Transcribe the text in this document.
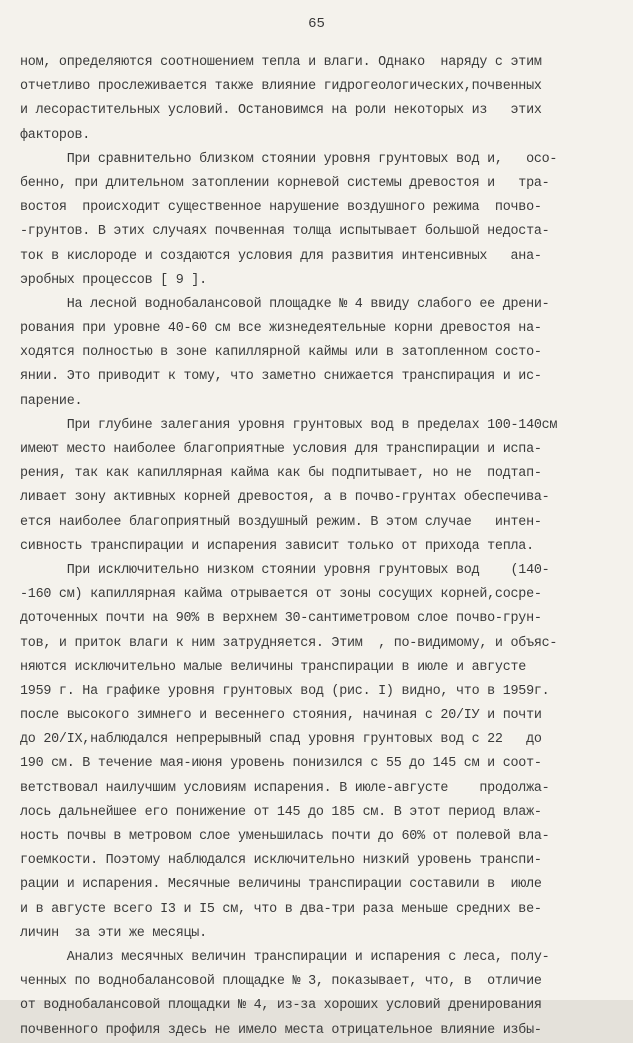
65
ном, определяются соотношением тепла и влаги. Однако  наряду с этим
отчетливо прослеживается также влияние гидрогеологических,почвенных
и лесорастительных условий. Остановимся на роли некоторых из   этих
факторов.
При сравнительно близком стоянии уровня грунтовых вод и,   осо-
бенно, при длительном затоплении корневой системы древостоя и   тра-
востоя  происходит существенное нарушение воздушного режима  почво-
-грунтов. В этих случаях почвенная толща испытывает большой недоста-
ток в кислороде и создаются условия для развития интенсивных   ана-
эробных процессов [ 9 ].
На лесной воднобалансовой площадке № 4 ввиду слабого ее дрени-
рования при уровне 40-60 см все жизнедеятельные корни древостоя на-
ходятся полностью в зоне капиллярной каймы или в затопленном состо-
янии. Это приводит к тому, что заметно снижается транспирация и ис-
парение.
При глубине залегания уровня грунтовых вод в пределах 100-140см
имеют место наиболее благоприятные условия для транспирации и испа-
рения, так как капиллярная кайма как бы подпитывает, но не  подтап-
ливает зону активных корней древостоя, а в почво-грунтах обеспечива-
ется наиболее благоприятный воздушный режим. В этом случае   интен-
сивность транспирации и испарения зависит только от прихода тепла.
При исключительно низком стоянии уровня грунтовых вод    (140-
-160 см) капиллярная кайма отрывается от зоны сосущих корней,сосре-
доточенных почти на 90% в верхнем 30-сантиметровом слое почво-грун-
тов, и приток влаги к ним затрудняется. Этим  , по-видимому, и объяс-
няются исключительно малые величины транспирации в июле и августе
1959 г. На графике уровня грунтовых вод (рис. I) видно, что в 1959г.
после высокого зимнего и весеннего стояния, начиная с 20/IУ и почти
до 20/IX,наблюдался непрерывный спад уровня грунтовых вод с 22   до
190 см. В течение мая-июня уровень понизился с 55 до 145 см и соот-
ветствовал наилучшим условиям испарения. В июле-августе    продолжа-
лось дальнейшее его понижение от 145 до 185 см. В этот период влаж-
ность почвы в метровом слое уменьшилась почти до 60% от полевой вла-
гоемкости. Поэтому наблюдался исключительно низкий уровень транспи-
рации и испарения. Месячные величины транспирации составили в  июле
и в августе всего I3 и I5 см, что в два-три раза меньше средних ве-
личин  за эти же месяцы.
Анализ месячных величин транспирации и испарения с леса, полу-
ченных по воднобалансовой площадке № 3, показывает, что, в  отличие
от воднобалансовой площадки № 4, из-за хороших условий дренирования
почвенного профиля здесь не имело места отрицательное влияние избы-
